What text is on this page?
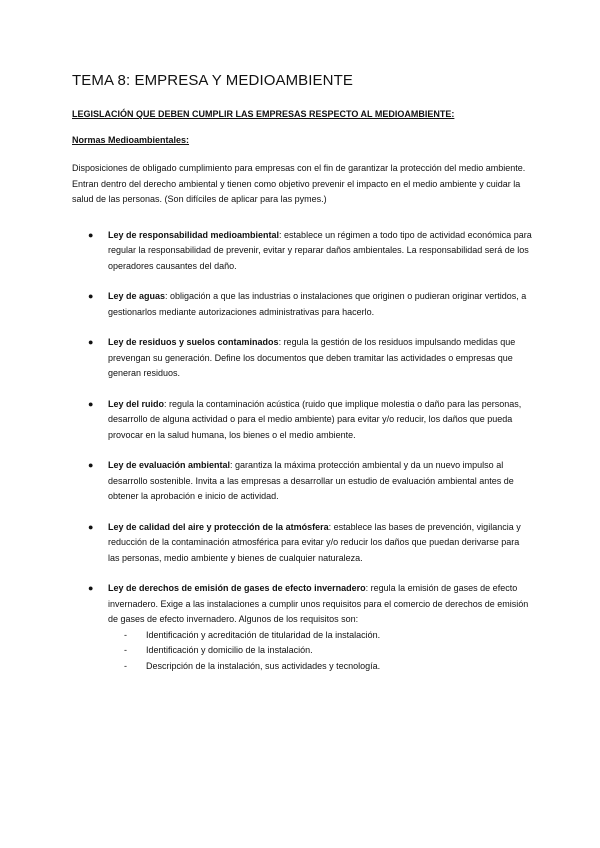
TEMA 8: EMPRESA Y MEDIOAMBIENTE

LEGISLACIÓN QUE DEBEN CUMPLIR LAS EMPRESAS RESPECTO AL MEDIOAMBIENTE:

Normas Medioambientales:

Disposiciones de obligado cumplimiento para empresas con el fin de garantizar la protección del medio ambiente. Entran dentro del derecho ambiental y tienen como objetivo prevenir el impacto en el medio ambiente y cuidar la salud de las personas. (Son difíciles de aplicar para las pymes.)

● Ley de responsabilidad medioambiental: establece un régimen a todo tipo de actividad económica para regular la responsabilidad de prevenir, evitar y reparar daños ambientales. La responsabilidad será de los operadores causantes del daño.
● Ley de aguas: obligación a que las industrias o instalaciones que originen o pudieran originar vertidos, a gestionarlos mediante autorizaciones administrativas para hacerlo.
● Ley de residuos y suelos contaminados: regula la gestión de los residuos impulsando medidas que prevengan su generación. Define los documentos que deben tramitar las actividades o empresas que generan residuos.
● Ley del ruido: regula la contaminación acústica (ruido que implique molestia o daño para las personas, desarrollo de alguna actividad o para el medio ambiente) para evitar y/o reducir, los daños que pueda provocar en la salud humana, los bienes o el medio ambiente.
● Ley de evaluación ambiental: garantiza la máxima protección ambiental y da un nuevo impulso al desarrollo sostenible. Invita a las empresas a desarrollar un estudio de evaluación ambiental antes de obtener la aprobación e inicio de actividad.
● Ley de calidad del aire y protección de la atmósfera: establece las bases de prevención, vigilancia y reducción de la contaminación atmosférica para evitar y/o reducir los daños que puedan derivarse para las personas, medio ambiente y bienes de cualquier naturaleza.
● Ley de derechos de emisión de gases de efecto invernadero: regula la emisión de gases de efecto invernadero. Exige a las instalaciones a cumplir unos requisitos para el comercio de derechos de emisión de gases de efecto invernadero. Algunos de los requisitos son:
- Identificación y acreditación de titularidad de la instalación.
- Identificación y domicilio de la instalación.
- Descripción de la instalación, sus actividades y tecnología.
